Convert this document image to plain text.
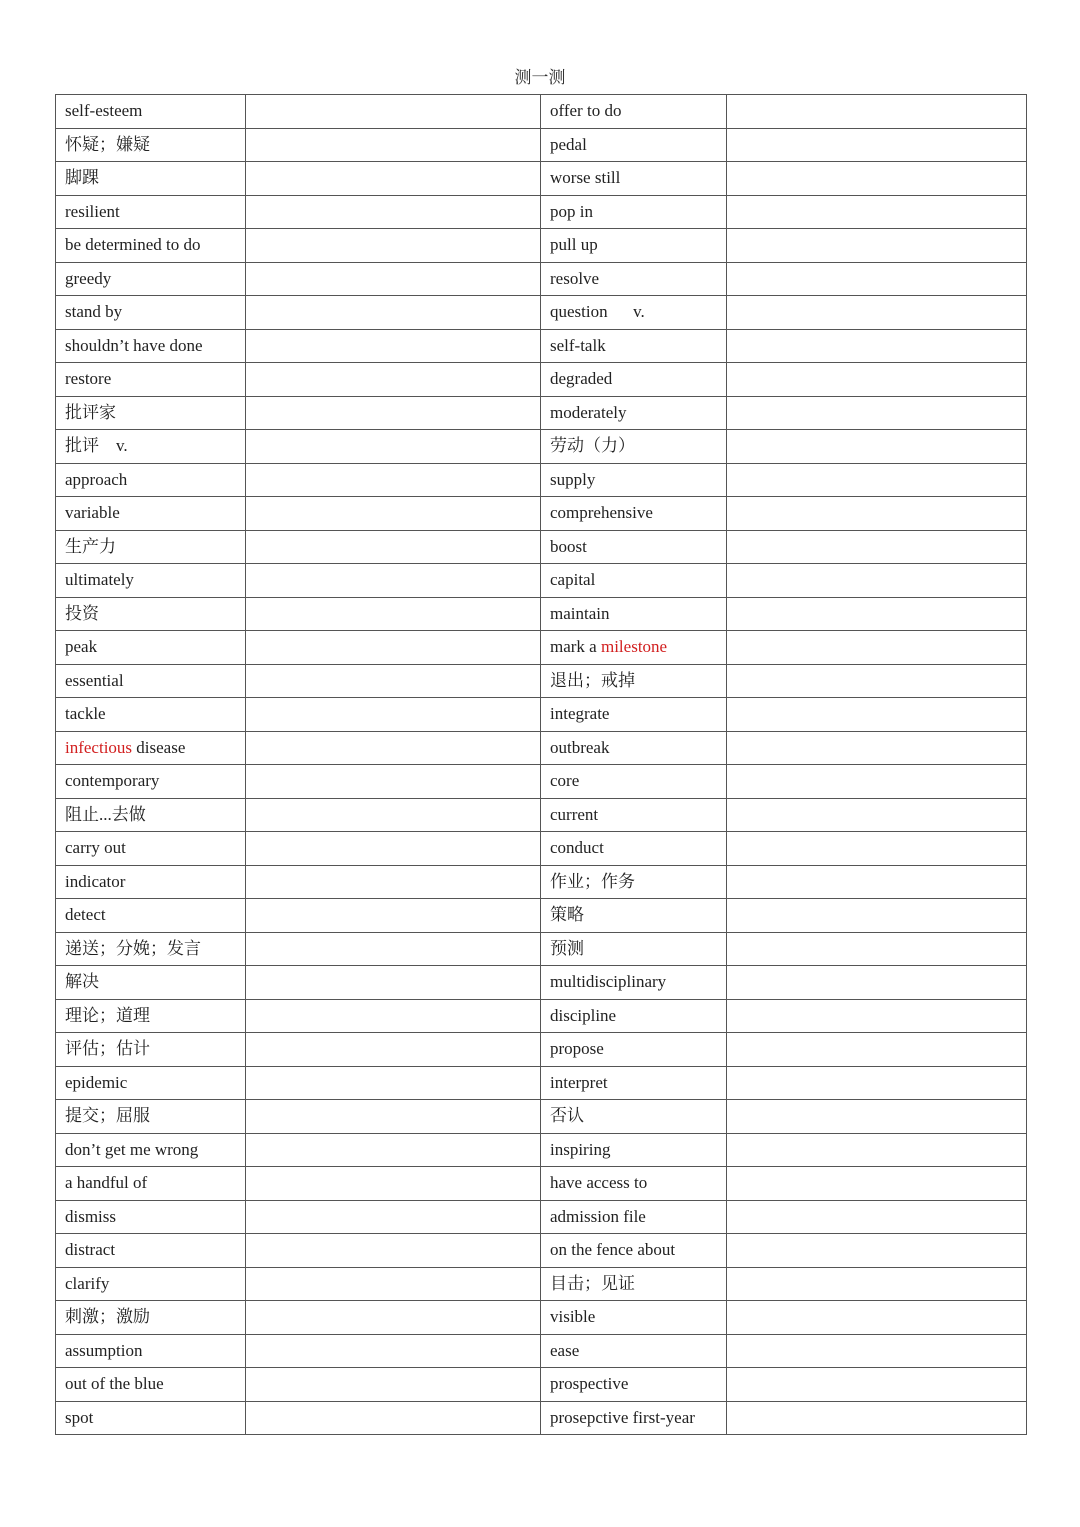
测一测
self-esteem		offer to do	
怀疑；嫌疑		pedal	
脚踝		worse still	
resilient		pop in	
be determined to do		pull up	
greedy		resolve	
stand by		question      v.	
shouldn’t have done		self-talk	
restore		degraded	
批评家		moderately	
批评    v.		劳动（力）	
approach		supply	
variable		comprehensive	
生产力		boost	
ultimately		capital	
投资		maintain	
peak		mark a milestone	
essential		退出；戒掉	
tackle		integrate	
infectious disease		outbreak	
contemporary		core	
阻止...去做		current	
carry out		conduct	
indicator		作业；作务	
detect		策略	
递送；分娩；发言		预测	
解决		multidisciplinary	
理论；道理		discipline	
评估；估计		propose	
epidemic		interpret	
提交；屈服		否认	
don’t get me wrong		inspiring	
a handful of		have access to	
dismiss		admission file	
distract		on the fence about	
clarify		目击；见证	
刺激；激励		visible	
assumption		ease	
out of the blue		prospective	
spot		prosepctive first-year	
